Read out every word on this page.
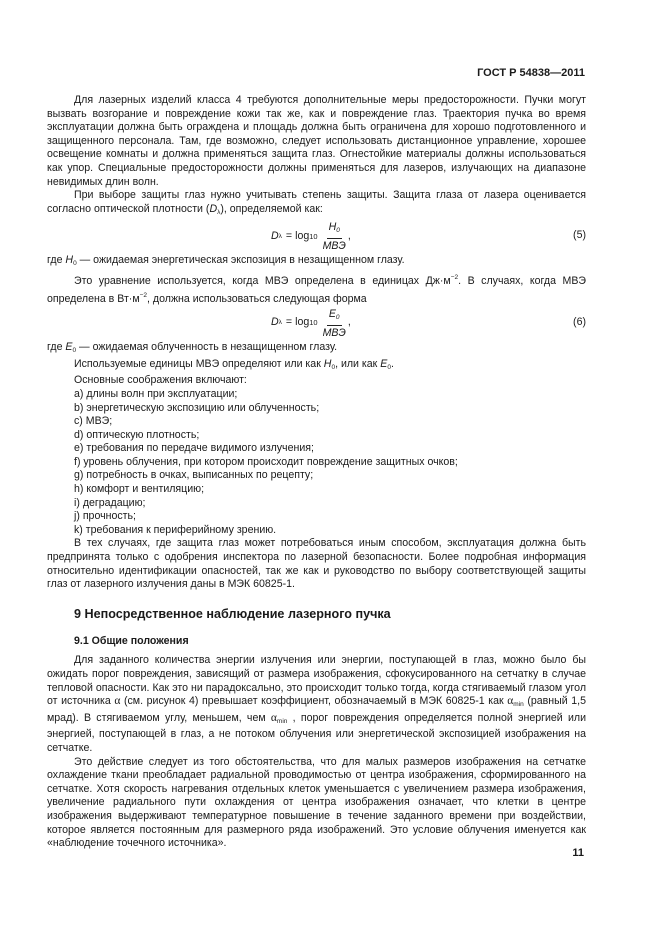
ГОСТ Р 54838—2011

Для лазерных изделий класса 4 требуются дополнительные меры предосторожности. Пучки могут вызвать возгорание и повреждение кожи так же, как и повреждение глаз. Траектория пучка во время эксплуатации должна быть ограждена и площадь должна быть ограничена для хорошо подготовленного и защищенного персонала. Там, где возможно, следует использовать дистанционное управление, хорошее освещение комнаты и должна применяться защита глаз. Огнестойкие материалы должны использоваться как упор. Специальные предосторожности должны применяться для лазеров, излучающих на диапазоне невидимых длин волн.

При выборе защиты глаз нужно учитывать степень защиты. Защита глаза от лазера оценивается согласно оптической плотности (Dλ), определяемой как:

D $\lambda = \log 10 \frac{H_0}{\text{МВЭ}}$ ,	(5)

где H0 — ожидаемая энергетическая экспозиция в незащищенном глазу.

Это уравнение используется, когда МВЭ определена в единицах $Дж\cdot м^{-2}$. В случаях, когда МВЭ определена в $Вт\cdot м^{-2}$, должна использоваться следующая форма

D $\lambda = \log 10 \frac{E_0}{\text{МВЭ}}$ ,	(6)

где E0 — ожидаемая облученность в незащищенном глазу.

Используемые единицы МВЭ определяют или как H0, или как E0.

Основные соображения включают:

a) длины волн при эксплуатации;

b) энергетическую экспозицию или облученность;

c) МВЭ;

d) оптическую плотность;

e) требования по передаче видимого излучения;

f) уровень облучения, при котором происходит повреждение защитных очков;

g) потребность в очках, выписанных по рецепту;

h) комфорт и вентиляцию;

i) деградацию;

j) прочность;

k) требования к периферийному зрению.

В тех случаях, где защита глаз может потребоваться иным способом, эксплуатация должна быть предпринята только с одобрения инспектора по лазерной безопасности. Более подробная информация относительно идентификации опасностей, так же как и руководство по выбору соответствующей защиты глаз от лазерного излучения даны в МЭК 60825-1.

9 Непосредственное наблюдение лазерного пучка
9.1 Общие положения

Для заданного количества энергии излучения или энергии, поступающей в глаз, можно было бы ожидать порог повреждения, зависящий от размера изображения, сфокусированного на сетчатку в случае тепловой опасности. Как это ни парадоксально, это происходит только тогда, когда стягиваемый глазом угол от источника α (см. рисунок 4) превышает коэффициент, обозначаемый в МЭК 60825-1 как αmin (равный 1,5 мрад). В стягиваемом углу, меньшем, чем αmin , порог повреждения определяется полной энергией или энергией, поступающей в глаз, а не потоком облучения или энергетической экспозицией изображения на сетчатке.

Это действие следует из того обстоятельства, что для малых размеров изображения на сетчатке охлаждение ткани преобладает радиальной проводимостью от центра изображения, сформированного на сетчатке. Хотя скорость нагревания отдельных клеток уменьшается с увеличением размера изображения, увеличение радиального пути охлаждения от центра изображения означает, что клетки в центре изображения выдерживают температурное повышение в течение заданного времени при воздействии, которое является постоянным для размерного ряда изображений. Это условие облучения именуется как «наблюдение точечного источника».

11
